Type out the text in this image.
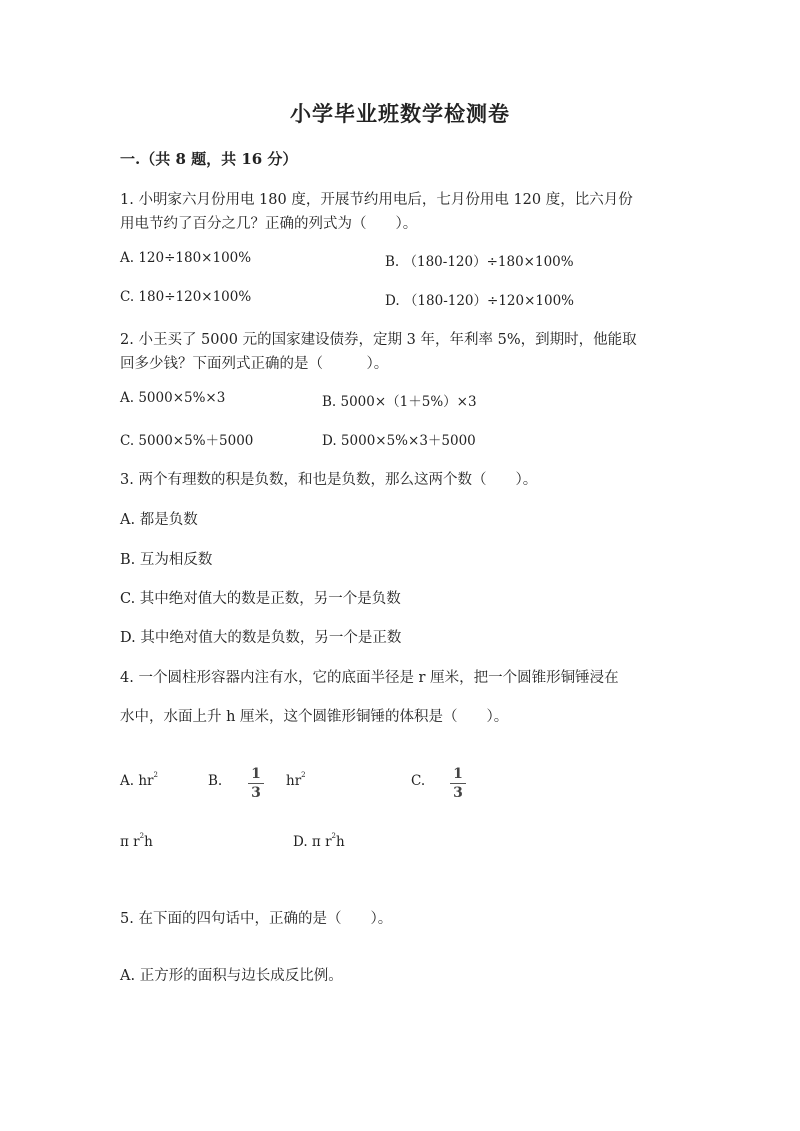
小学毕业班数学检测卷
一.（共 8 题，共 16 分）
1. 小明家六月份用电 180 度，开展节约用电后，七月份用电 120 度，比六月份
用电节约了百分之几？正确的列式为（　　）。
A. 120÷180×100%	B. （180-120）÷180×100%
C. 180÷120×100%	D. （180-120）÷120×100%
2. 小王买了 5000 元的国家建设债券，定期 3 年，年利率 5%，到期时，他能取
回多少钱？下面列式正确的是（　　　）。
A. 5000×5%×3	B. 5000×（1＋5%）×3
C. 5000×5%＋5000	D. 5000×5%×3＋5000
3. 两个有理数的积是负数，和也是负数，那么这两个数（　　）。
A. 都是负数
B. 互为相反数
C. 其中绝对值大的数是正数，另一个是负数
D. 其中绝对值大的数是负数，另一个是正数
4. 一个圆柱形容器内注有水，它的底面半径是 r 厘米，把一个圆锥形铜锤浸在
水中，水面上升 h 厘米，这个圆锥形铜锤的体积是（　　）。
A. $hr^2$	B. 1
3
$hr^2$	C. 1
3
π $r^2h$	D. π $r^2h$
5. 在下面的四句话中，正确的是（　　）。
A. 正方形的面积与边长成反比例。
